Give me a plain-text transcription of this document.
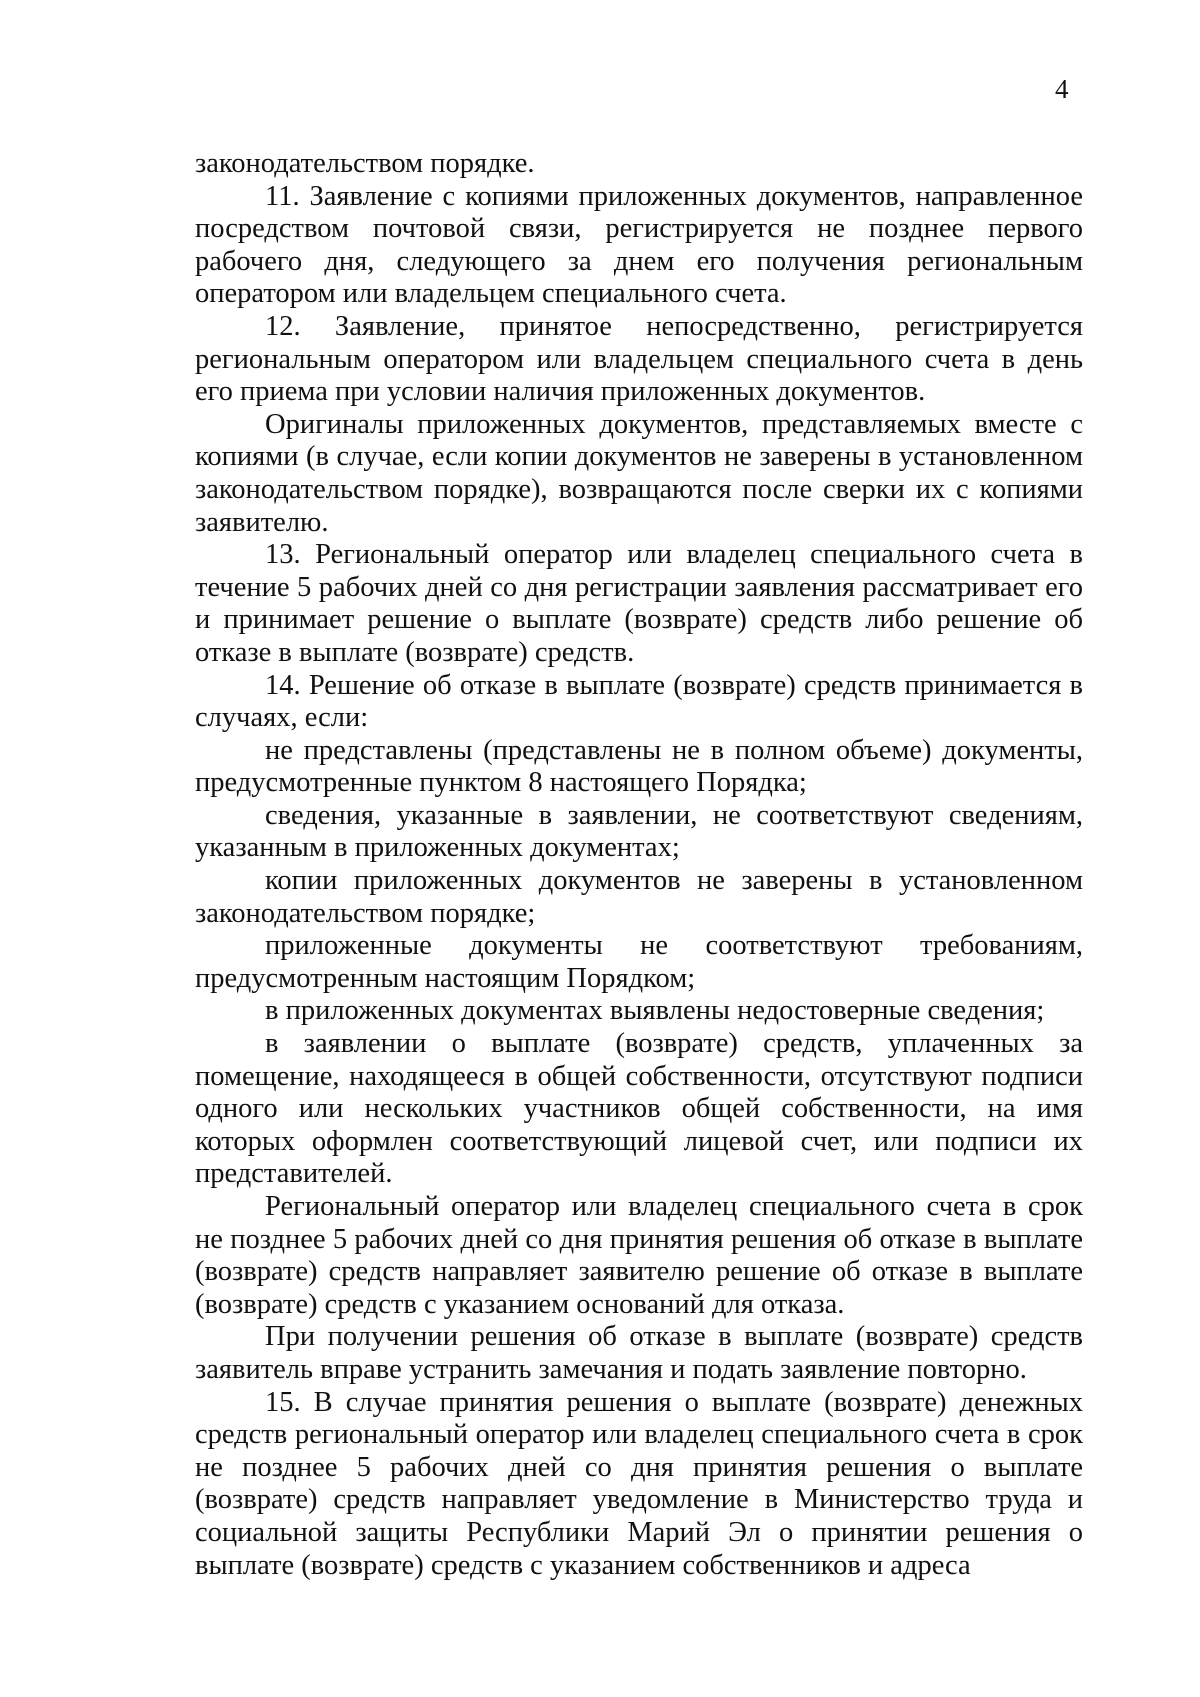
4

законодательством порядке.

11. Заявление с копиями приложенных документов, направленное посредством почтовой связи, регистрируется не позднее первого рабочего дня, следующего за днем его получения региональным оператором или владельцем специального счета.

12. Заявление, принятое непосредственно, регистрируется региональным оператором или владельцем специального счета в день его приема при условии наличия приложенных документов.

Оригиналы приложенных документов, представляемых вместе с копиями (в случае, если копии документов не заверены в установленном законодательством порядке), возвращаются после сверки их с копиями заявителю.

13. Региональный оператор или владелец специального счета в течение 5 рабочих дней со дня регистрации заявления рассматривает его и принимает решение о выплате (возврате) средств либо решение об отказе в выплате (возврате) средств.

14. Решение об отказе в выплате (возврате) средств принимается в случаях, если:

не представлены (представлены не в полном объеме) документы, предусмотренные пунктом 8 настоящего Порядка;

сведения, указанные в заявлении, не соответствуют сведениям, указанным в приложенных документах;

копии приложенных документов не заверены в установленном законодательством порядке;

приложенные документы не соответствуют требованиям, предусмотренным настоящим Порядком;

в приложенных документах выявлены недостоверные сведения;

в заявлении о выплате (возврате) средств, уплаченных за помещение, находящееся в общей собственности, отсутствуют подписи одного или нескольких участников общей собственности, на имя которых оформлен соответствующий лицевой счет, или подписи их представителей.

Региональный оператор или владелец специального счета в срок не позднее 5 рабочих дней со дня принятия решения об отказе в выплате (возврате) средств направляет заявителю решение об отказе в выплате (возврате) средств с указанием оснований для отказа.

При получении решения об отказе в выплате (возврате) средств заявитель вправе устранить замечания и подать заявление повторно.

15. В случае принятия решения о выплате (возврате) денежных средств региональный оператор или владелец специального счета в срок не позднее 5 рабочих дней со дня принятия решения о выплате (возврате) средств направляет уведомление в Министерство труда и социальной защиты Республики Марий Эл о принятии решения о выплате (возврате) средств с указанием собственников и адреса
